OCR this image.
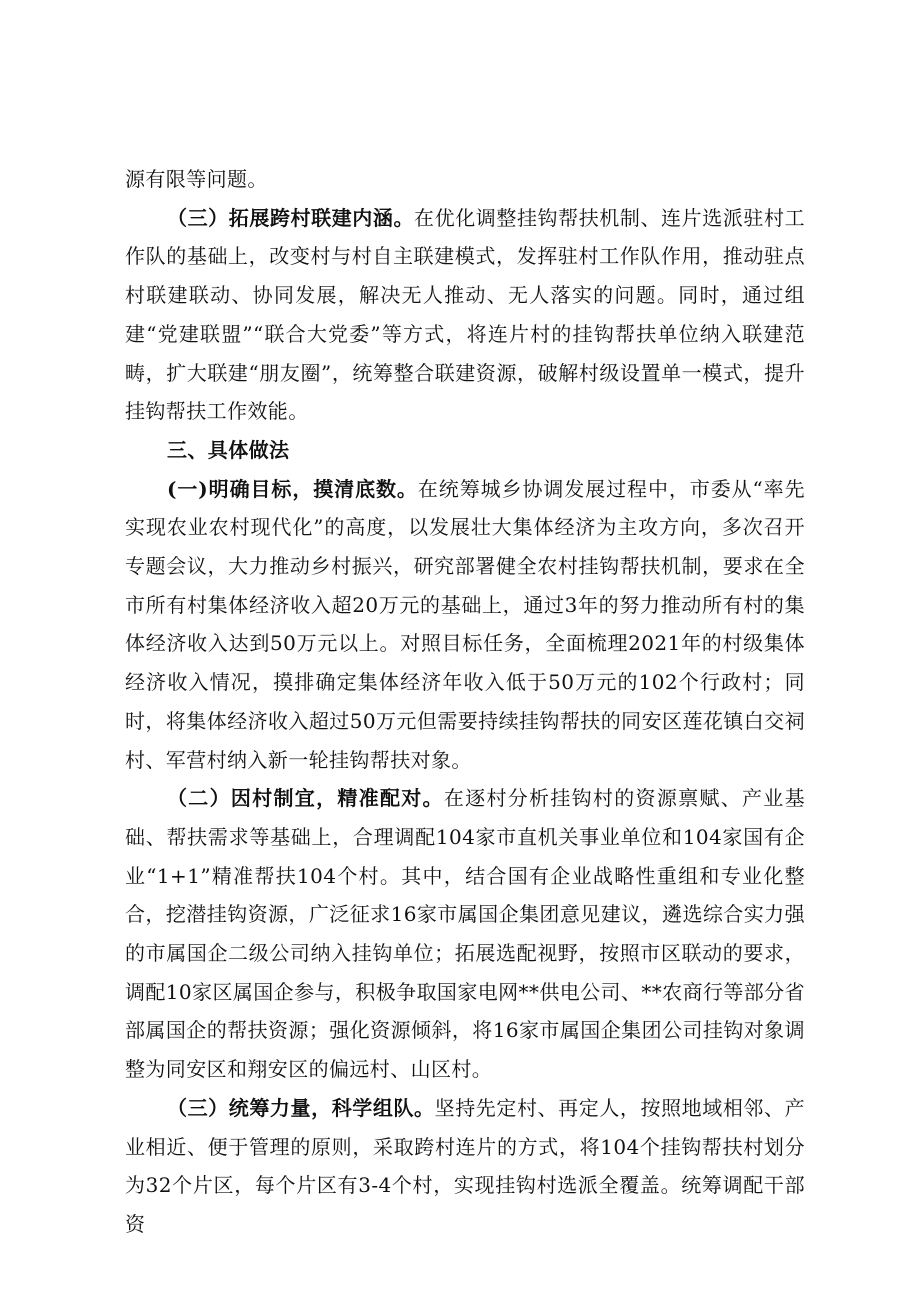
源有限等问题。

（三）拓展跨村联建内涵。在优化调整挂钩帮扶机制、连片选派驻村工作队的基础上，改变村与村自主联建模式，发挥驻村工作队作用，推动驻点村联建联动、协同发展，解决无人推动、无人落实的问题。同时，通过组建“党建联盟”“联合大党委”等方式，将连片村的挂钩帮扶单位纳入联建范畴，扩大联建“朋友圈”，统筹整合联建资源，破解村级设置单一模式，提升挂钩帮扶工作效能。

三、具体做法

(一)明确目标，摸清底数。在统筹城乡协调发展过程中，市委从“率先实现农业农村现代化”的高度，以发展壮大集体经济为主攻方向，多次召开专题会议，大力推动乡村振兴，研究部署健全农村挂钩帮扶机制，要求在全市所有村集体经济收入超20万元的基础上，通过3年的努力推动所有村的集体经济收入达到50万元以上。对照目标任务，全面梳理2021年的村级集体经济收入情况，摸排确定集体经济年收入低于50万元的102个行政村；同时，将集体经济收入超过50万元但需要持续挂钩帮扶的同安区莲花镇白交祠村、军营村纳入新一轮挂钩帮扶对象。

（二）因村制宜，精准配对。在逐村分析挂钩村的资源禀赋、产业基础、帮扶需求等基础上，合理调配104家市直机关事业单位和104家国有企业“1+1”精准帮扶104个村。其中，结合国有企业战略性重组和专业化整合，挖潜挂钩资源，广泛征求16家市属国企集团意见建议，遴选综合实力强的市属国企二级公司纳入挂钩单位；拓展选配视野，按照市区联动的要求，调配10家区属国企参与，积极争取国家电网**供电公司、**农商行等部分省部属国企的帮扶资源；强化资源倾斜，将16家市属国企集团公司挂钩对象调整为同安区和翔安区的偏远村、山区村。

（三）统筹力量，科学组队。坚持先定村、再定人，按照地域相邻、产业相近、便于管理的原则，采取跨村连片的方式，将104个挂钩帮扶村划分为32个片区，每个片区有3-4个村，实现挂钩村选派全覆盖。统筹调配干部资
